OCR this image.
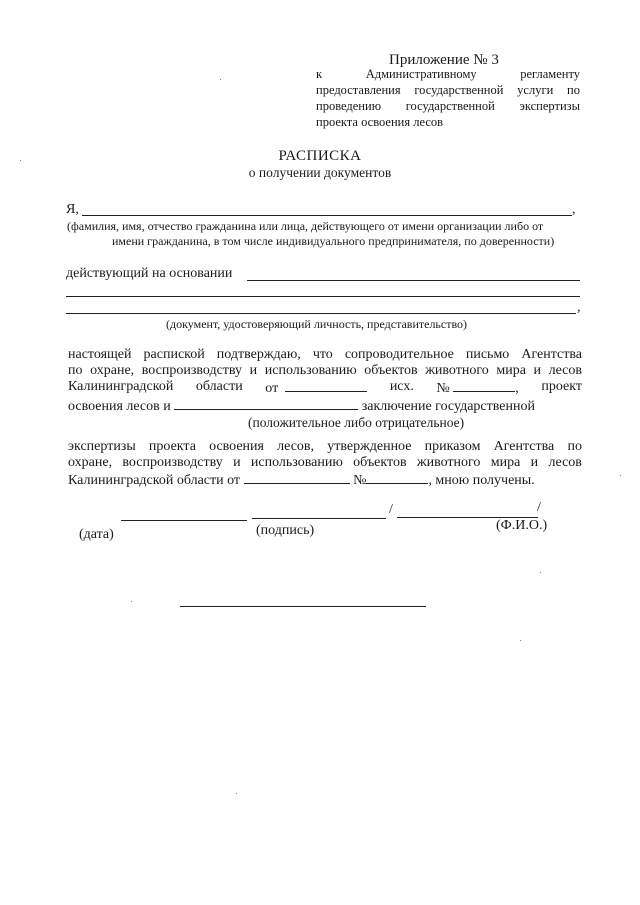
Приложение № 3
к	Административному	регламенту
предоставления государственной услуги по
проведению государственной экспертизы
проекта освоения лесов
РАСПИСКА
о получении документов
Я,	,
(фамилия, имя, отчество гражданина или лица, действующего от имени организации либо от
имени гражданина, в том числе индивидуального предпринимателя, по доверенности)
действующий на основании
,
(документ, удостоверяющий личность, представительство)
настоящей распиской подтверждаю, что сопроводительное письмо Агентства
по охране, воспроизводству и использованию объектов животного мира и лесов
Калининградской области от	исх. №	, проект
освоения лесов и	заключение государственной
(положительное либо отрицательное)
экспертизы проекта освоения лесов, утвержденное приказом Агентства по
охране, воспроизводству и использованию объектов животного мира и лесов
Калининградской области от	№	, мною получены.
/	/
(дата)	(подпись)	(Ф.И.О.)
